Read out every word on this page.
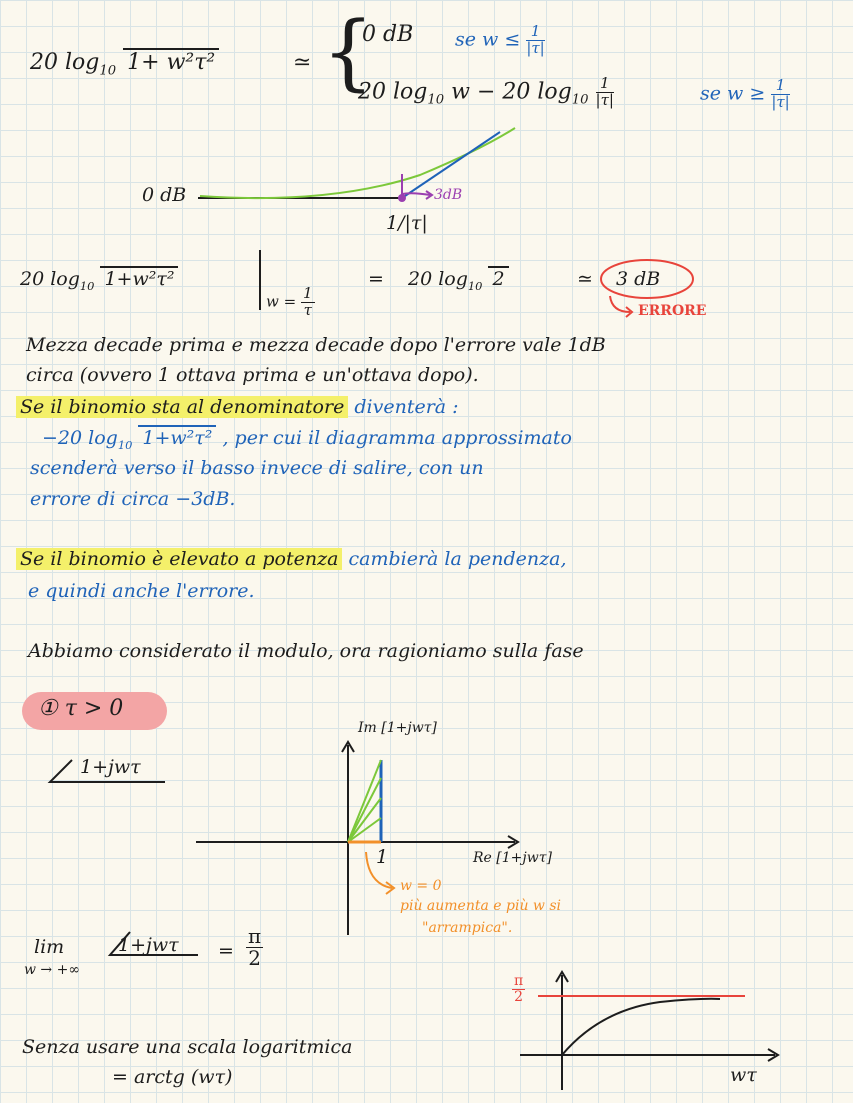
20 $\log_{10} 1+ w^2\tau^2$	≃ {
0 dB se $w \le \frac{1}{|\tau|}$
20 $\log_{10} w - 20$ $\log_{10} \frac{1}{|\tau|}$	se $w \ge \frac{1}{|\tau|}$
0 dB	3dB
1/|τ|
20 $\log_{10} 1+w^2\tau^2$
$w = \frac{1}{\tau}$
= 20 $\log_{10} 2$	≃ 3 dB
ERRORE
Mezza decade prima e mezza decade dopo l'errore vale 1dB
circa (ovvero 1 ottava prima e un'ottava dopo).
Se il binomio sta al denominatore diventerà :
−20 $\log_{10} 1+w^2\tau^2$ , per cui il diagramma approssimato
scenderà verso il basso invece di salire, con un
errore di circa −3dB.
Se il binomio è elevato a potenza cambierà la pendenza,
e quindi anche l'errore.
Abbiamo considerato il modulo, ora ragioniamo sulla fase
① τ > 0
1+jwτ
Im [1+jwτ]
Re [1+jwτ]
1
w = 0
più aumenta e più w si
"arrampica".
lim
w → +∞
$1+jw\tau = \frac{\pi}{2}$
Senza usare una scala logaritmica
= arctg (wτ)
$\frac{\pi}{2}$
wτ
